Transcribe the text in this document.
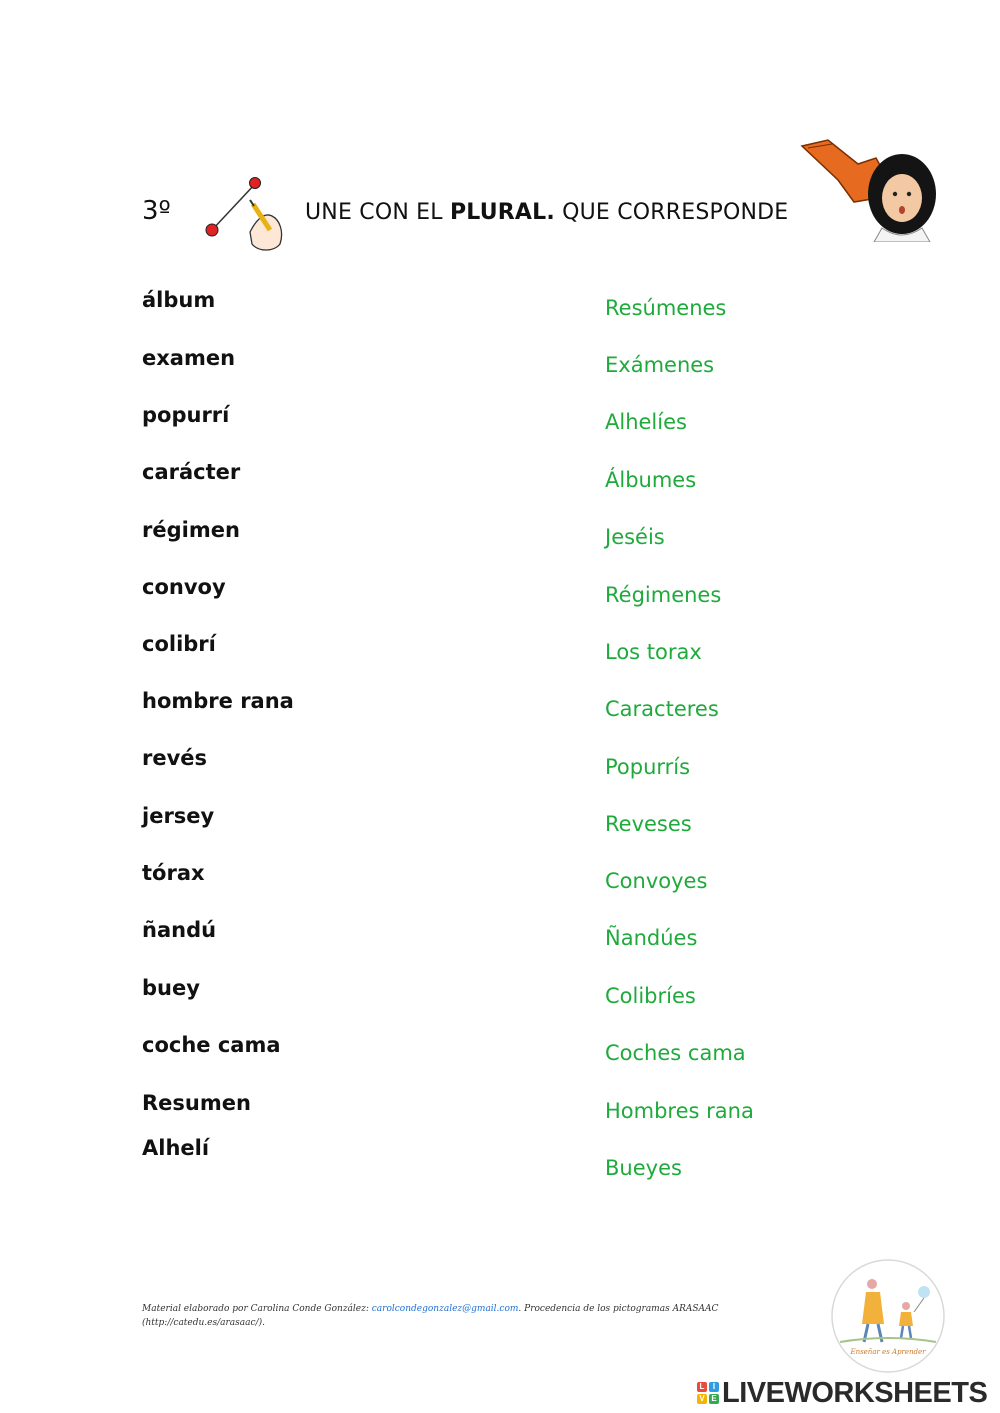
3º	UNE CON EL PLURAL. QUE CORRESPONDE
álbum
examen
popurrí
carácter
régimen
convoy
colibrí
hombre rana
revés
jersey
tórax
ñandú
buey
coche cama
Resumen
Alhelí
Resúmenes
Exámenes
Alhelíes
Álbumes
Jeséis
Régimenes
Los torax
Caracteres
Popurrís
Reveses
Convoyes
Ñandúes
Colibríes
Coches cama
Hombres rana
Bueyes
Material elaborado por Carolina Conde González: carolcondegonzalez@gmail.com. Procedencia de los pictogramas ARASAAC (http://catedu.es/arasaac/).
Enseñar es Aprender
L	I
V E LIVEWORKSHEETS
